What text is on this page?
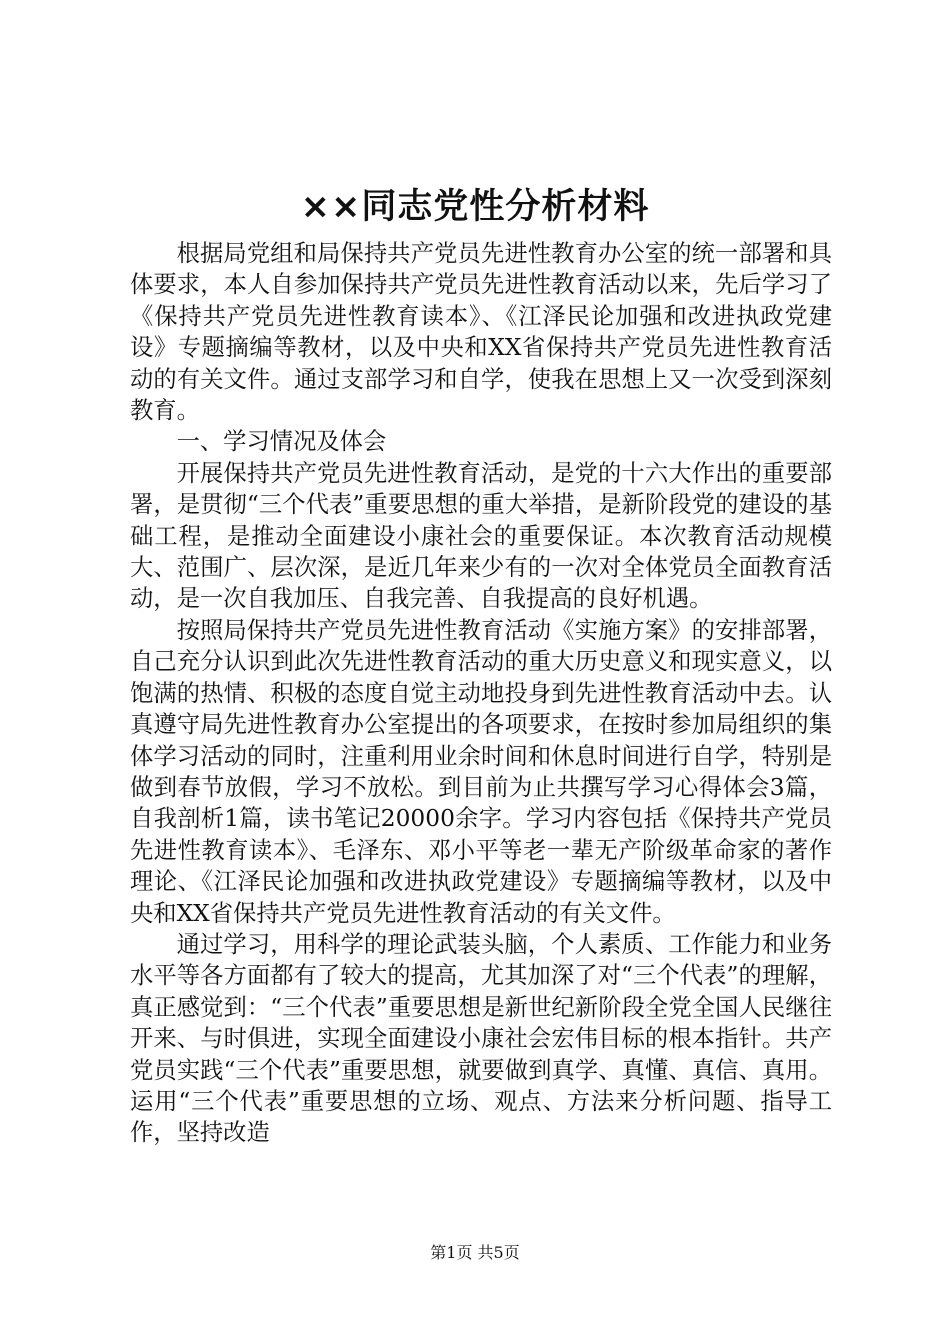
××同志党性分析材料

根据局党组和局保持共产党员先进性教育办公室的统一部署和具体要求，本人自参加保持共产党员先进性教育活动以来，先后学习了《保持共产党员先进性教育读本》、《江泽民论加强和改进执政党建设》专题摘编等教材，以及中央和XX省保持共产党员先进性教育活动的有关文件。通过支部学习和自学，使我在思想上又一次受到深刻教育。

一、学习情况及体会

开展保持共产党员先进性教育活动，是党的十六大作出的重要部署，是贯彻“三个代表”重要思想的重大举措，是新阶段党的建设的基础工程，是推动全面建设小康社会的重要保证。本次教育活动规模大、范围广、层次深，是近几年来少有的一次对全体党员全面教育活动，是一次自我加压、自我完善、自我提高的良好机遇。

按照局保持共产党员先进性教育活动《实施方案》的安排部署，自己充分认识到此次先进性教育活动的重大历史意义和现实意义，以饱满的热情、积极的态度自觉主动地投身到先进性教育活动中去。认真遵守局先进性教育办公室提出的各项要求，在按时参加局组织的集体学习活动的同时，注重利用业余时间和休息时间进行自学，特别是做到春节放假，学习不放松。到目前为止共撰写学习心得体会3篇，自我剖析1篇，读书笔记20000余字。学习内容包括《保持共产党员先进性教育读本》、毛泽东、邓小平等老一辈无产阶级革命家的著作理论、《江泽民论加强和改进执政党建设》专题摘编等教材，以及中央和XX省保持共产党员先进性教育活动的有关文件。

通过学习，用科学的理论武装头脑，个人素质、工作能力和业务水平等各方面都有了较大的提高，尤其加深了对“三个代表”的理解，真正感觉到：“三个代表”重要思想是新世纪新阶段全党全国人民继往开来、与时俱进，实现全面建设小康社会宏伟目标的根本指针。共产党员实践“三个代表”重要思想，就要做到真学、真懂、真信、真用。运用“三个代表”重要思想的立场、观点、方法来分析问题、指导工作，坚持改造

第1页 共5页
